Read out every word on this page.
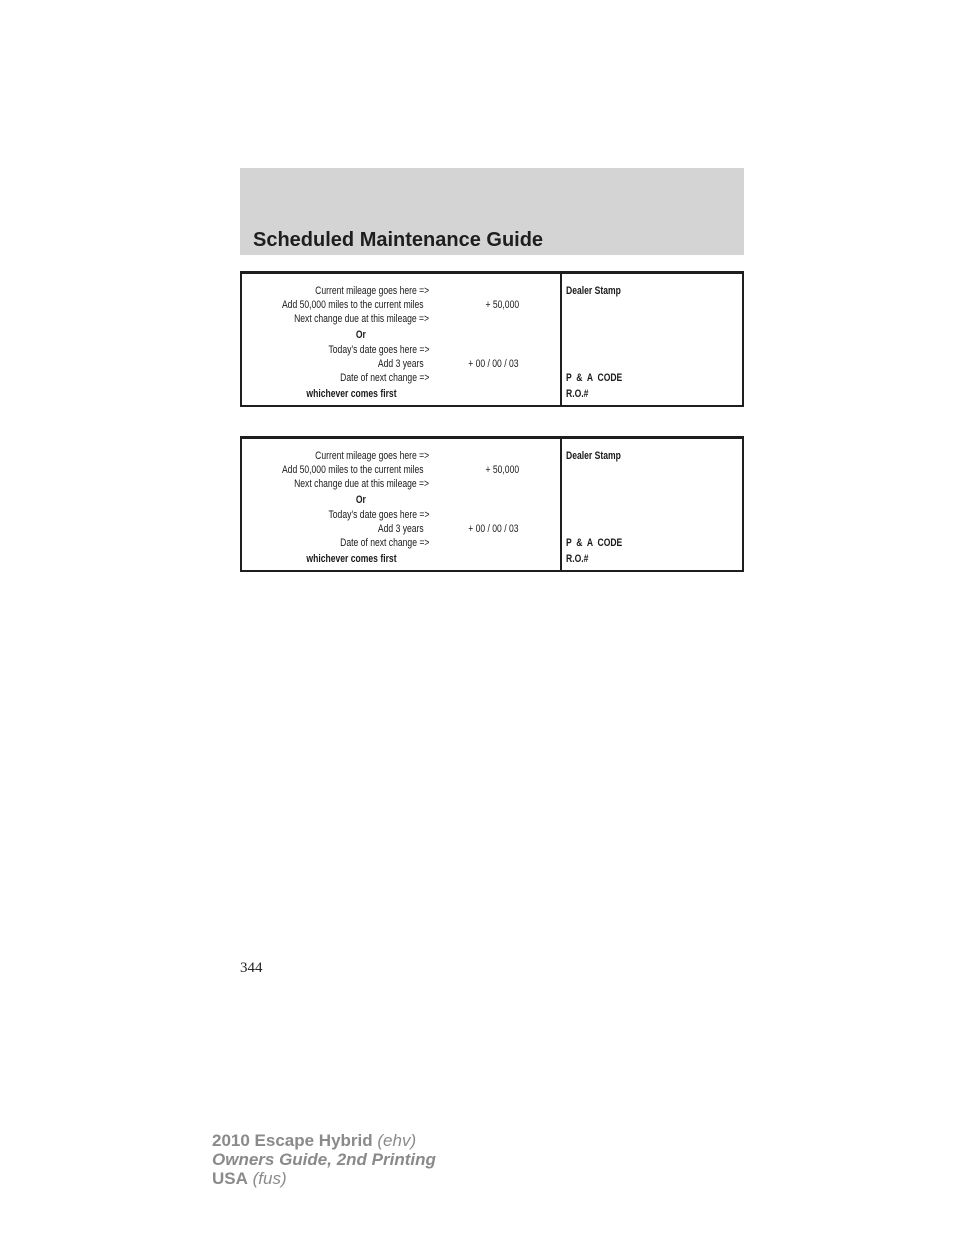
Scheduled Maintenance Guide
Current mileage goes here =>
Add 50,000 miles to the current miles	+ 50,000
Next change due at this mileage =>
Or
Today’s date goes here =>
Add 3 years	+ 00 / 00 / 03
Date of next change =>
whichever comes first
Dealer Stamp
P & A CODE
R.O.#
Current mileage goes here =>
Add 50,000 miles to the current miles	+ 50,000
Next change due at this mileage =>
Or
Today’s date goes here =>
Add 3 years	+ 00 / 00 / 03
Date of next change =>
whichever comes first
Dealer Stamp
P & A CODE
R.O.#
344
2010 Escape Hybrid (ehv)
Owners Guide, 2nd Printing
USA (fus)
